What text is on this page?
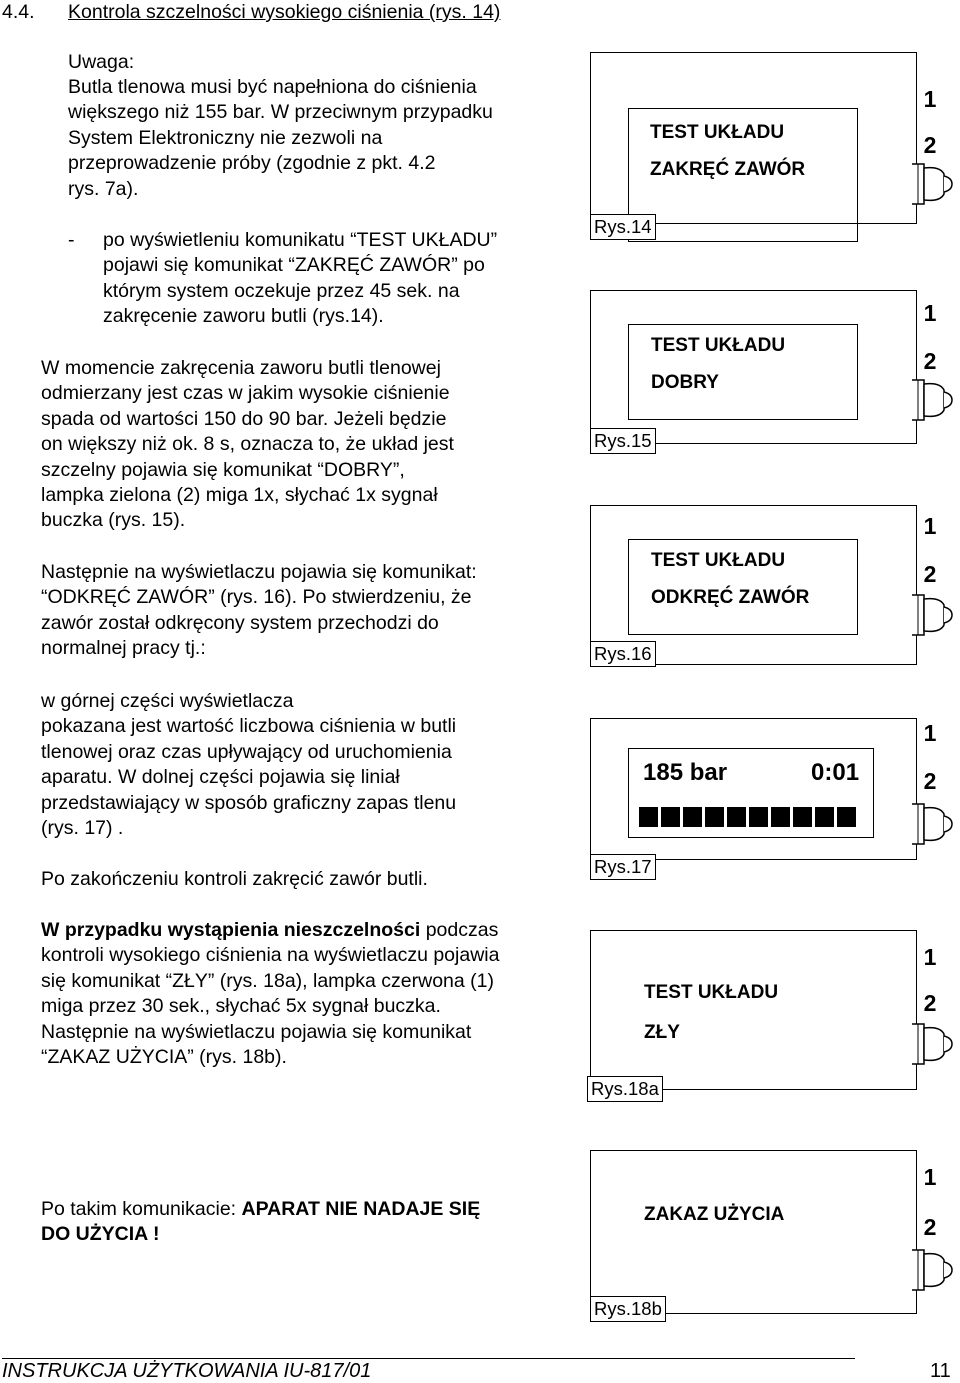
4.4. Kontrola szczelności wysokiego ciśnienia (rys. 14)
Uwaga:
Butla tlenowa musi być napełniona do ciśnienia
większego niż 155 bar. W przeciwnym przypadku
System Elektroniczny nie zezwoli na
przeprowadzenie próby (zgodnie z pkt. 4.2
rys. 7a).
- po wyświetleniu komunikatu “TEST UKŁADU”
pojawi się komunikat “ZAKRĘĆ ZAWÓR” po
którym system oczekuje przez 45 sek. na
zakręcenie zaworu butli (rys.14).
W momencie zakręcenia zaworu butli tlenowej
odmierzany jest czas w jakim wysokie ciśnienie
spada od wartości 150 do 90 bar. Jeżeli będzie
on większy niż ok. 8 s, oznacza to, że układ jest
szczelny pojawia się komunikat “DOBRY”,
lampka zielona (2) miga 1x, słychać 1x sygnał
buczka (rys. 15).
Następnie na wyświetlaczu pojawia się komunikat:
“ODKRĘĆ ZAWÓR” (rys. 16). Po stwierdzeniu, że
zawór został odkręcony system przechodzi do
normalnej pracy tj.:
w górnej części wyświetlacza
pokazana jest wartość liczbowa ciśnienia w butli
tlenowej oraz czas upływający od uruchomienia
aparatu. W dolnej części pojawia się liniał
przedstawiający w sposób graficzny zapas tlenu
(rys. 17) .
Po zakończeniu kontroli zakręcić zawór butli.
W przypadku wystąpienia nieszczelności podczas
kontroli wysokiego ciśnienia na wyświetlaczu pojawia
się komunikat “ZŁY” (rys. 18a), lampka czerwona (1)
miga przez 30 sek., słychać 5x sygnał buczka.
Następnie na wyświetlaczu pojawia się komunikat
“ZAKAZ UŻYCIA” (rys. 18b).
Po takim komunikacie: APARAT NIE NADAJE SIĘ
DO UŻYCIA !
TEST UKŁADU
ZAKRĘĆ ZAWÓR
1
2
Rys.14
TEST UKŁADU
DOBRY
1
2
Rys.15
TEST UKŁADU
ODKRĘĆ ZAWÓR
1
2
Rys.16
185 bar	0:01
1
2
Rys.17
TEST UKŁADU
ZŁY
1
2
Rys.18a
ZAKAZ UŻYCIA
1
2
Rys.18b
INSTRUKCJA UŻYTKOWANIA IU-817/01	11
